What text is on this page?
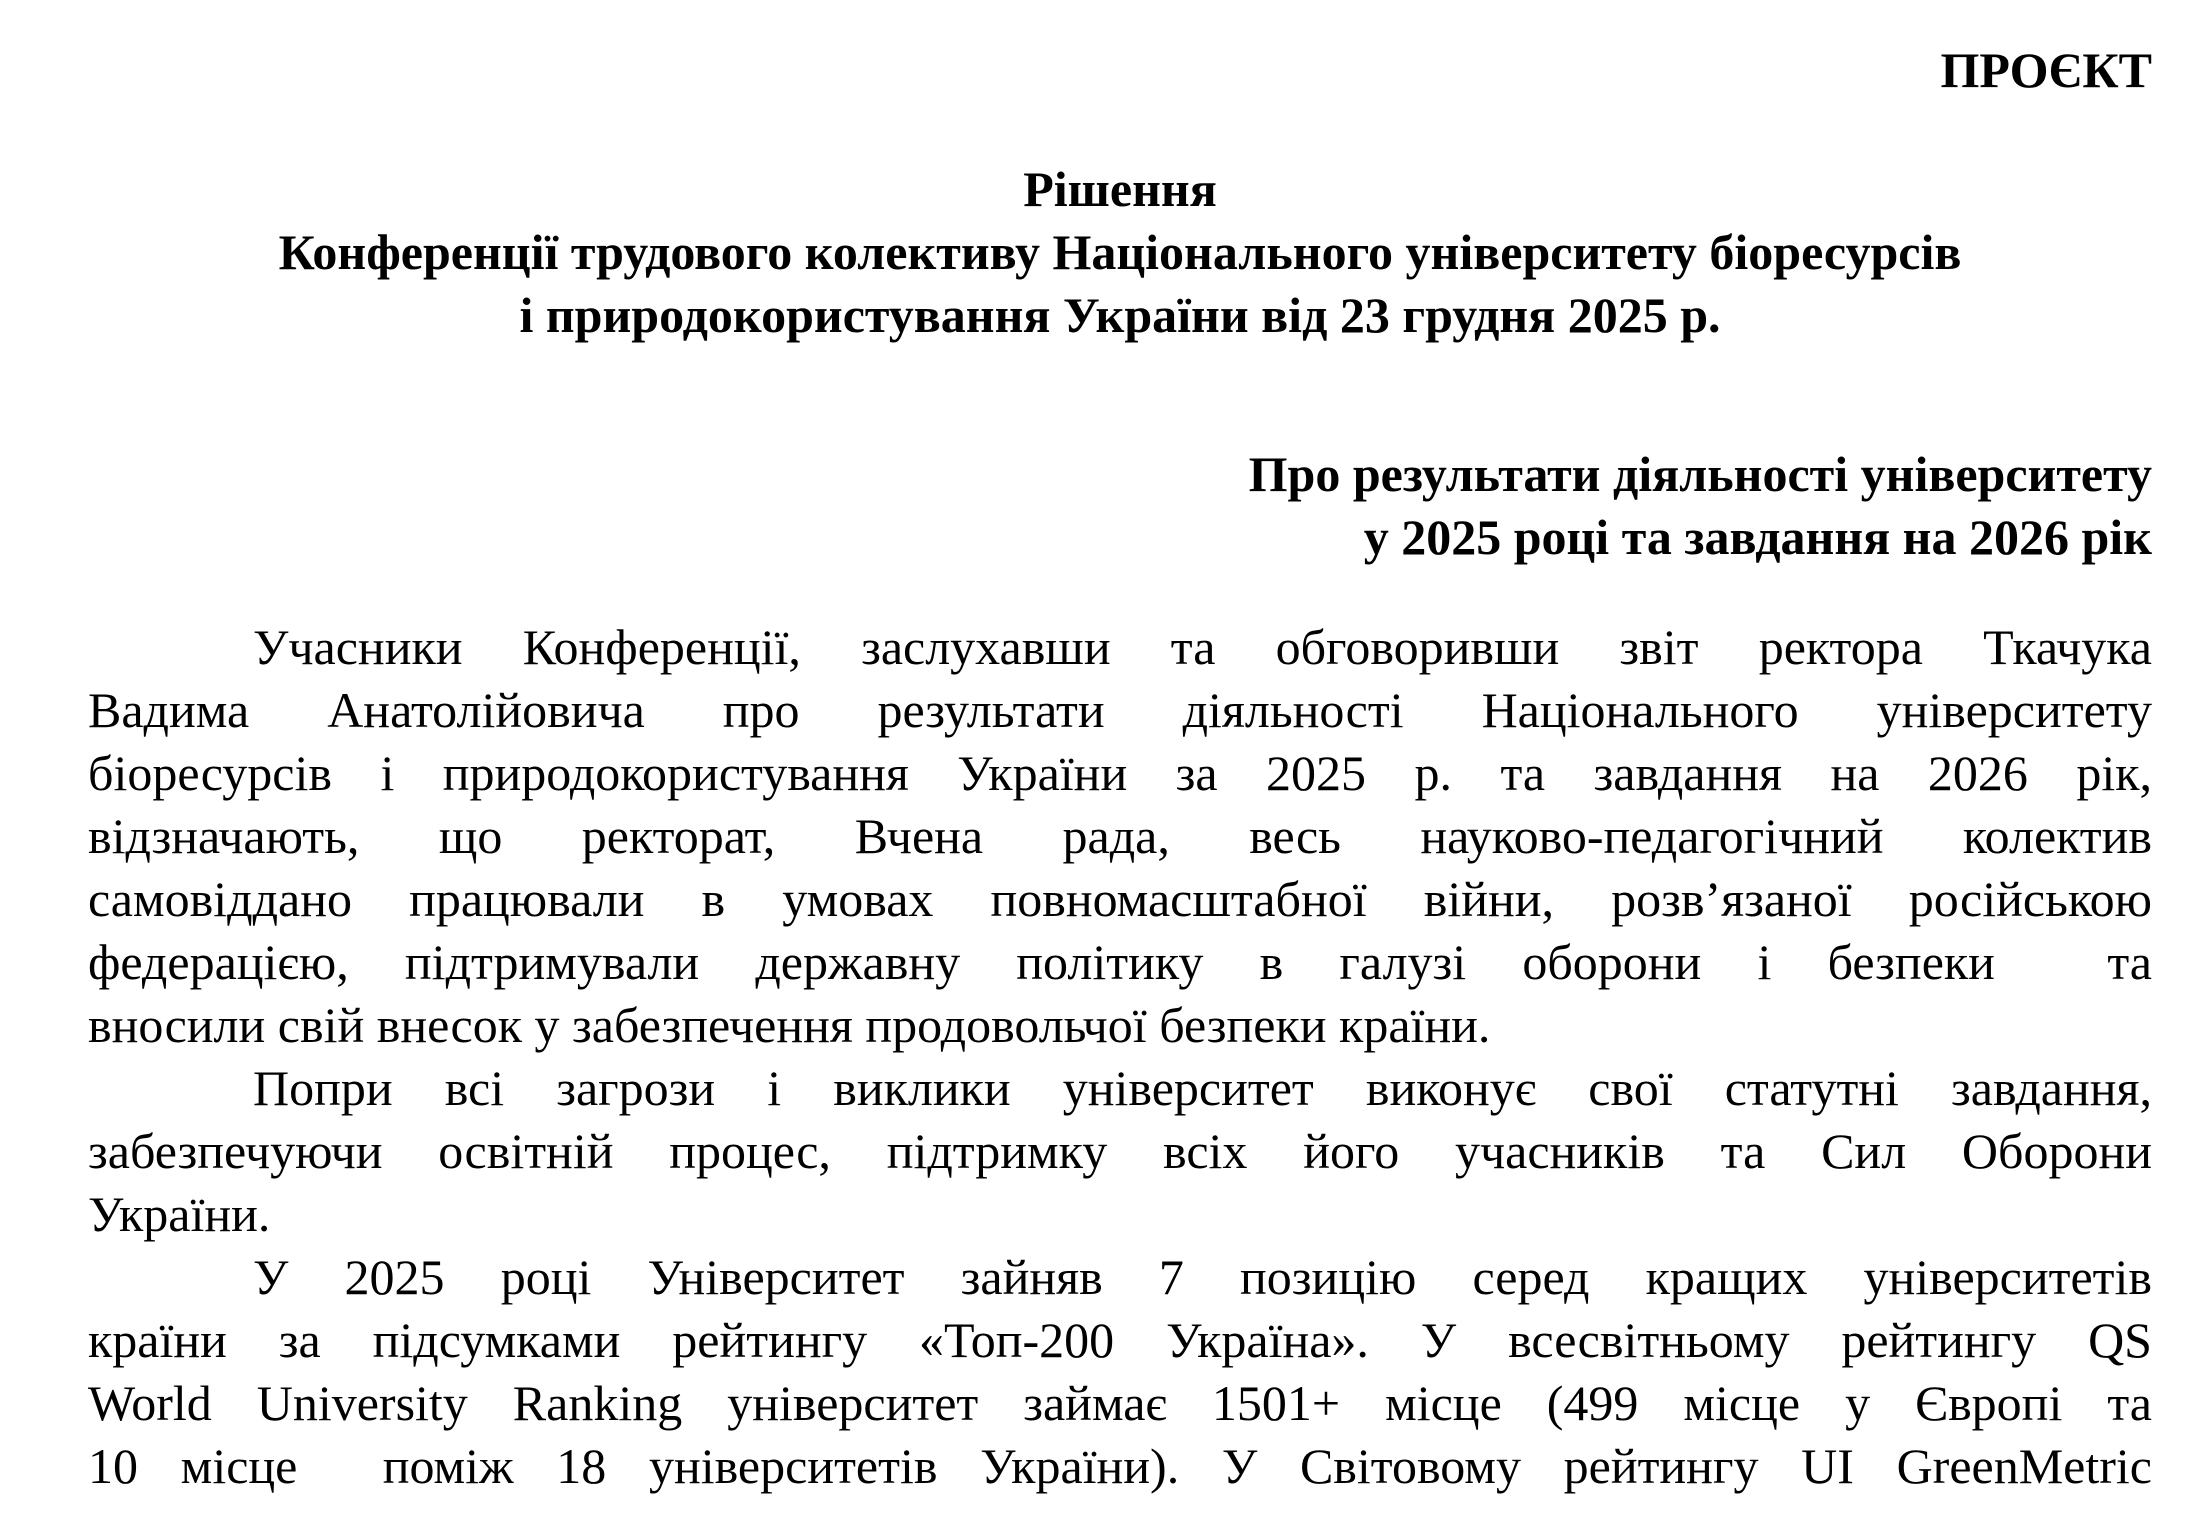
ПРОЄКТ
Рішення
Конференції трудового колективу Національного університету біоресурсів
і природокористування України від 23 грудня 2025 р.
Про результати діяльності університету
у 2025 році та завдання на 2026 рік
Учасники Конференції, заслухавши та обговоривши звіт ректора Ткачука
Вадима Анатолійовича про результати діяльності Національного університету
біоресурсів і природокористування України за 2025 р. та завдання на 2026 рік,
відзначають, що ректорат, Вчена рада, весь науково-педагогічний колектив
самовіддано працювали в умовах повномасштабної війни, розв’язаної російською
федерацією, підтримували державну політику в галузі оборони і безпеки  та
вносили свій внесок у забезпечення продовольчої безпеки країни.
Попри всі загрози і виклики університет виконує свої статутні завдання,
забезпечуючи освітній процес, підтримку всіх його учасників та Сил Оборони
України.
У 2025 році Університет зайняв 7 позицію серед кращих університетів
країни за підсумками рейтингу «Топ-200 Україна». У всесвітньому рейтингу QS
World University Ranking університет займає 1501+ місце (499 місце у Європі та
10 місце  поміж 18 університетів України). У Світовому рейтингу UI GreenMetric
